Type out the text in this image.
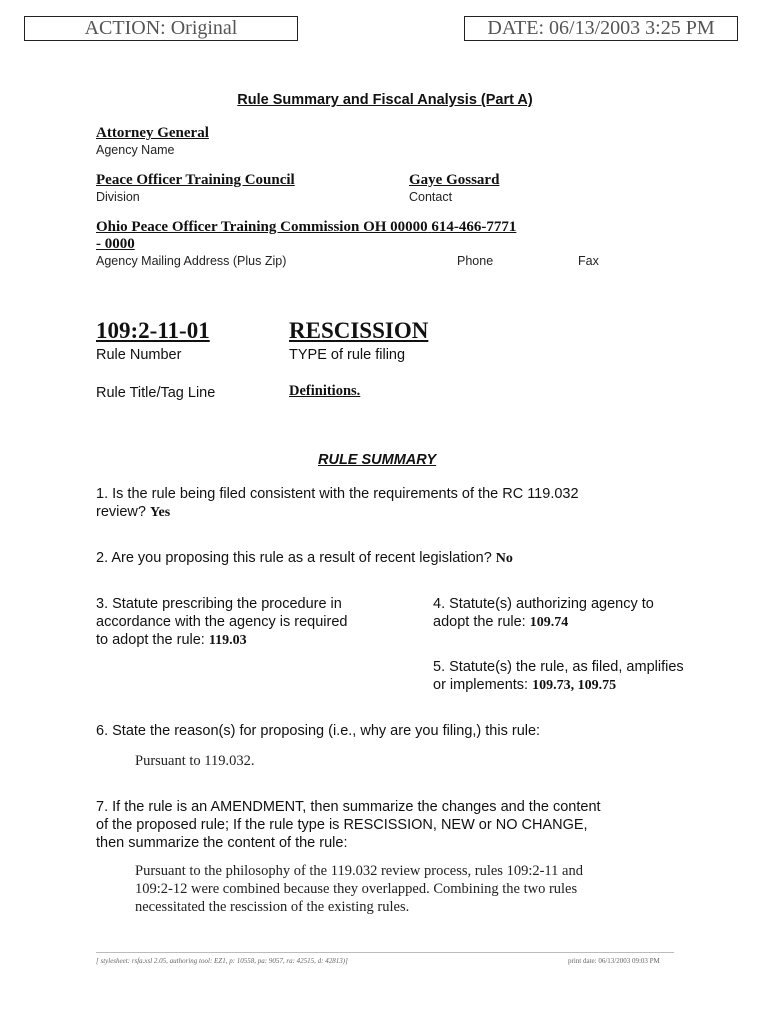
ACTION: Original	DATE: 06/13/2003 3:25 PM
Rule Summary and Fiscal Analysis (Part A)
Attorney General
Agency Name
Peace Officer Training Council
Division
Gaye Gossard
Contact
Ohio Peace Officer Training Commission OH 00000 614-466-7771
- 0000
Agency Mailing Address (Plus Zip)	Phone	Fax
109:2-11-01
Rule Number
RESCISSION
TYPE of rule filing
Rule Title/Tag Line	Definitions.
RULE SUMMARY
1. Is the rule being filed consistent with the requirements of the RC 119.032
review? Yes
2. Are you proposing this rule as a result of recent legislation? No
3. Statute prescribing the procedure in
accordance with the agency is required
to adopt the rule: 119.03
4. Statute(s) authorizing agency to
adopt the rule: 109.74
5. Statute(s) the rule, as filed, amplifies
or implements: 109.73, 109.75
6. State the reason(s) for proposing (i.e., why are you filing,) this rule:
Pursuant to 119.032.
7. If the rule is an AMENDMENT, then summarize the changes and the content
of the proposed rule; If the rule type is RESCISSION, NEW or NO CHANGE,
then summarize the content of the rule:
Pursuant to the philosophy of the 119.032 review process, rules 109:2-11 and
109:2-12 were combined because they overlapped. Combining the two rules
necessitated the rescission of the existing rules.
[ stylesheet: rsfa.xsl 2.05, authoring tool: EZ1, p: 10558, pa: 9057, ra: 42515, d: 42813)]	print date: 06/13/2003 09:03 PM
